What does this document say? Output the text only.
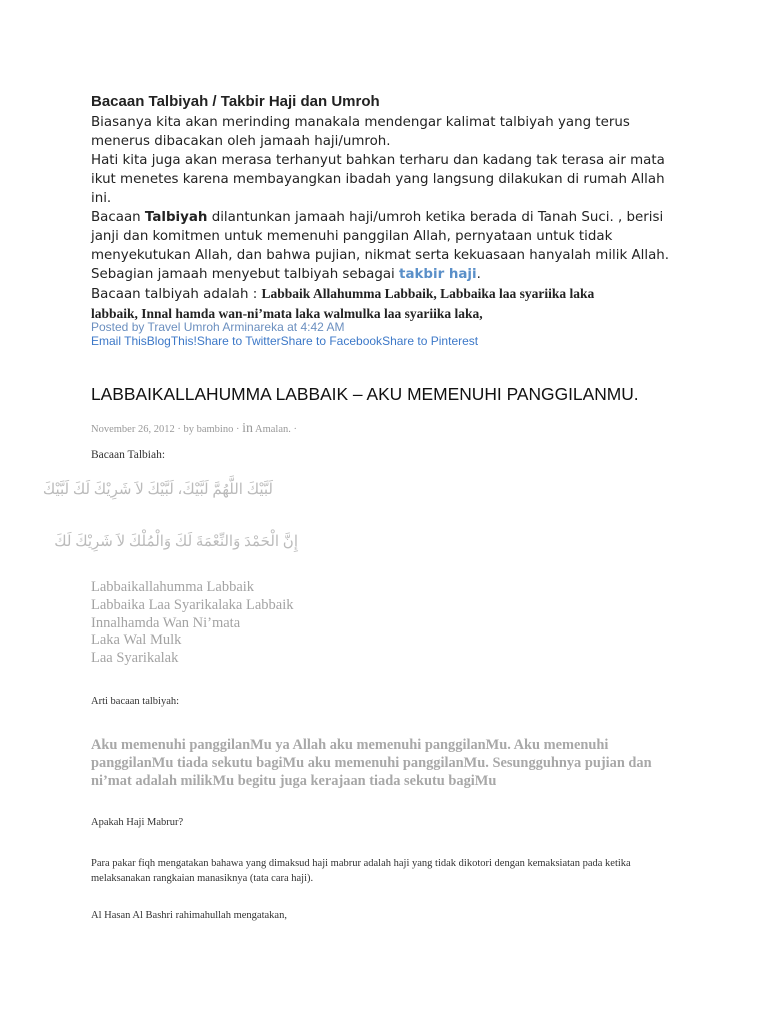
Bacaan Talbiyah / Takbir Haji dan Umroh

Biasanya kita akan merinding manakala mendengar kalimat talbiyah yang terus

menerus dibacakan oleh jamaah haji/umroh.

Hati kita juga akan merasa terhanyut bahkan terharu dan kadang tak terasa air mata

ikut menetes karena membayangkan ibadah yang langsung dilakukan di rumah Allah

ini.

Bacaan Talbiyah dilantunkan jamaah haji/umroh ketika berada di Tanah Suci. , berisi

janji dan komitmen untuk memenuhi panggilan Allah, pernyataan untuk tidak

menyekutukan Allah, dan bahwa pujian, nikmat serta kekuasaan hanyalah milik Allah.

Sebagian jamaah menyebut talbiyah sebagai takbir haji.

Bacaan talbiyah adalah : Labbaik Allahumma Labbaik, Labbaika laa syariika laka

labbaik, Innal hamda wan-ni’mata laka walmulka laa syariika laka,

Posted by Travel Umroh Arminareka at 4:42 AM
Email ThisBlogThis!Share to TwitterShare to FacebookShare to Pinterest
LABBAIKALLAHUMMA LABBAIK – AKU MEMENUHI PANGGILANMU.
November 26, 2012 · by bambino · in Amalan. ·
Bacaan Talbiah:
لَبَّيْكَ اللَّهُمَّ لَبَّيْكَ، لَبَّيْكَ لاَ شَرِيْكَ لَكَ لَبَّيْكَ
إِنَّ الْحَمْدَ وَالنِّعْمَةَ لَكَ وَالْمُلْكَ لاَ شَرِيْكَ لَكَ
Labbaikallahumma Labbaik
Labbaika Laa Syarikalaka Labbaik
Innalhamda Wan Ni’mata
Laka Wal Mulk
Laa Syarikalak
Arti bacaan talbiyah:
Aku memenuhi panggilanMu ya Allah aku memenuhi panggilanMu. Aku memenuhi
panggilanMu tiada sekutu bagiMu aku memenuhi panggilanMu. Sesungguhnya pujian dan
ni’mat adalah milikMu begitu juga kerajaan tiada sekutu bagiMu
Apakah Haji Mabrur?
Para pakar fiqh mengatakan bahawa yang dimaksud haji mabrur adalah haji yang tidak dikotori dengan kemaksiatan pada ketika
melaksanakan rangkaian manasiknya (tata cara haji).
Al Hasan Al Bashri rahimahullah mengatakan,
